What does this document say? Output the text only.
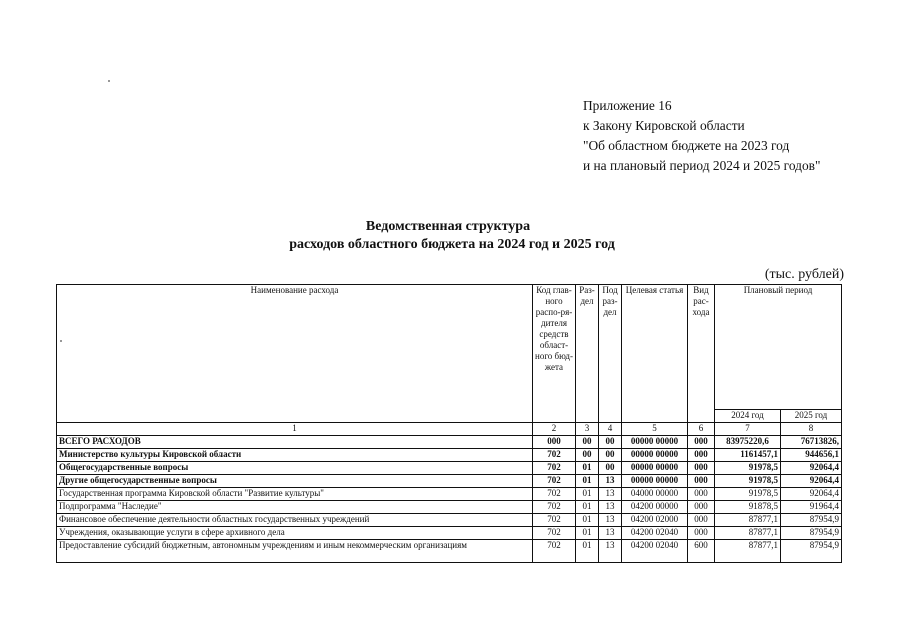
Приложение 16
к Закону Кировской области
"Об областном бюджете на 2023 год
и на плановый период 2024 и 2025 годов"
Ведомственная структура
расходов областного бюджета на 2024 год и 2025 год
(тыс. рублей)
Наименование расхода	Код глав-ного распо-ря-дителя средств област-ного бюд-жета	Раз-дел	Под раз-дел	Целевая статья	Вид рас-хода	Плановый период	
						2024 год	2025 год
1	2	3	4	5	6	7	8
ВСЕГО РАСХОДОВ	000	00	00	00000 00000	000	83975220,6	76713826,
Министерство культуры Кировской области	702	00	00	00000 00000	000	1161457,1	944656,1
Общегосударственные вопросы	702	01	00	00000 00000	000	91978,5	92064,4
Другие общегосударственные вопросы	702	01	13	00000 00000	000	91978,5	92064,4
Государственная программа Кировской области "Развитие культуры"	702	01	13	04000 00000	000	91978,5	92064,4
Подпрограмма "Наследие"	702	01	13	04200 00000	000	91878,5	91964,4
Финансовое обеспечение деятельности областных государственных учреждений	702	01	13	04200 02000	000	87877,1	87954,9
Учреждения, оказывающие услуги в сфере архивного дела	702	01	13	04200 02040	000	87877,1	87954,9
Предоставление субсидий бюджетным, автономным учреждениям и иным некоммерческим организациям	702	01	13	04200 02040	600	87877,1	87954,9
